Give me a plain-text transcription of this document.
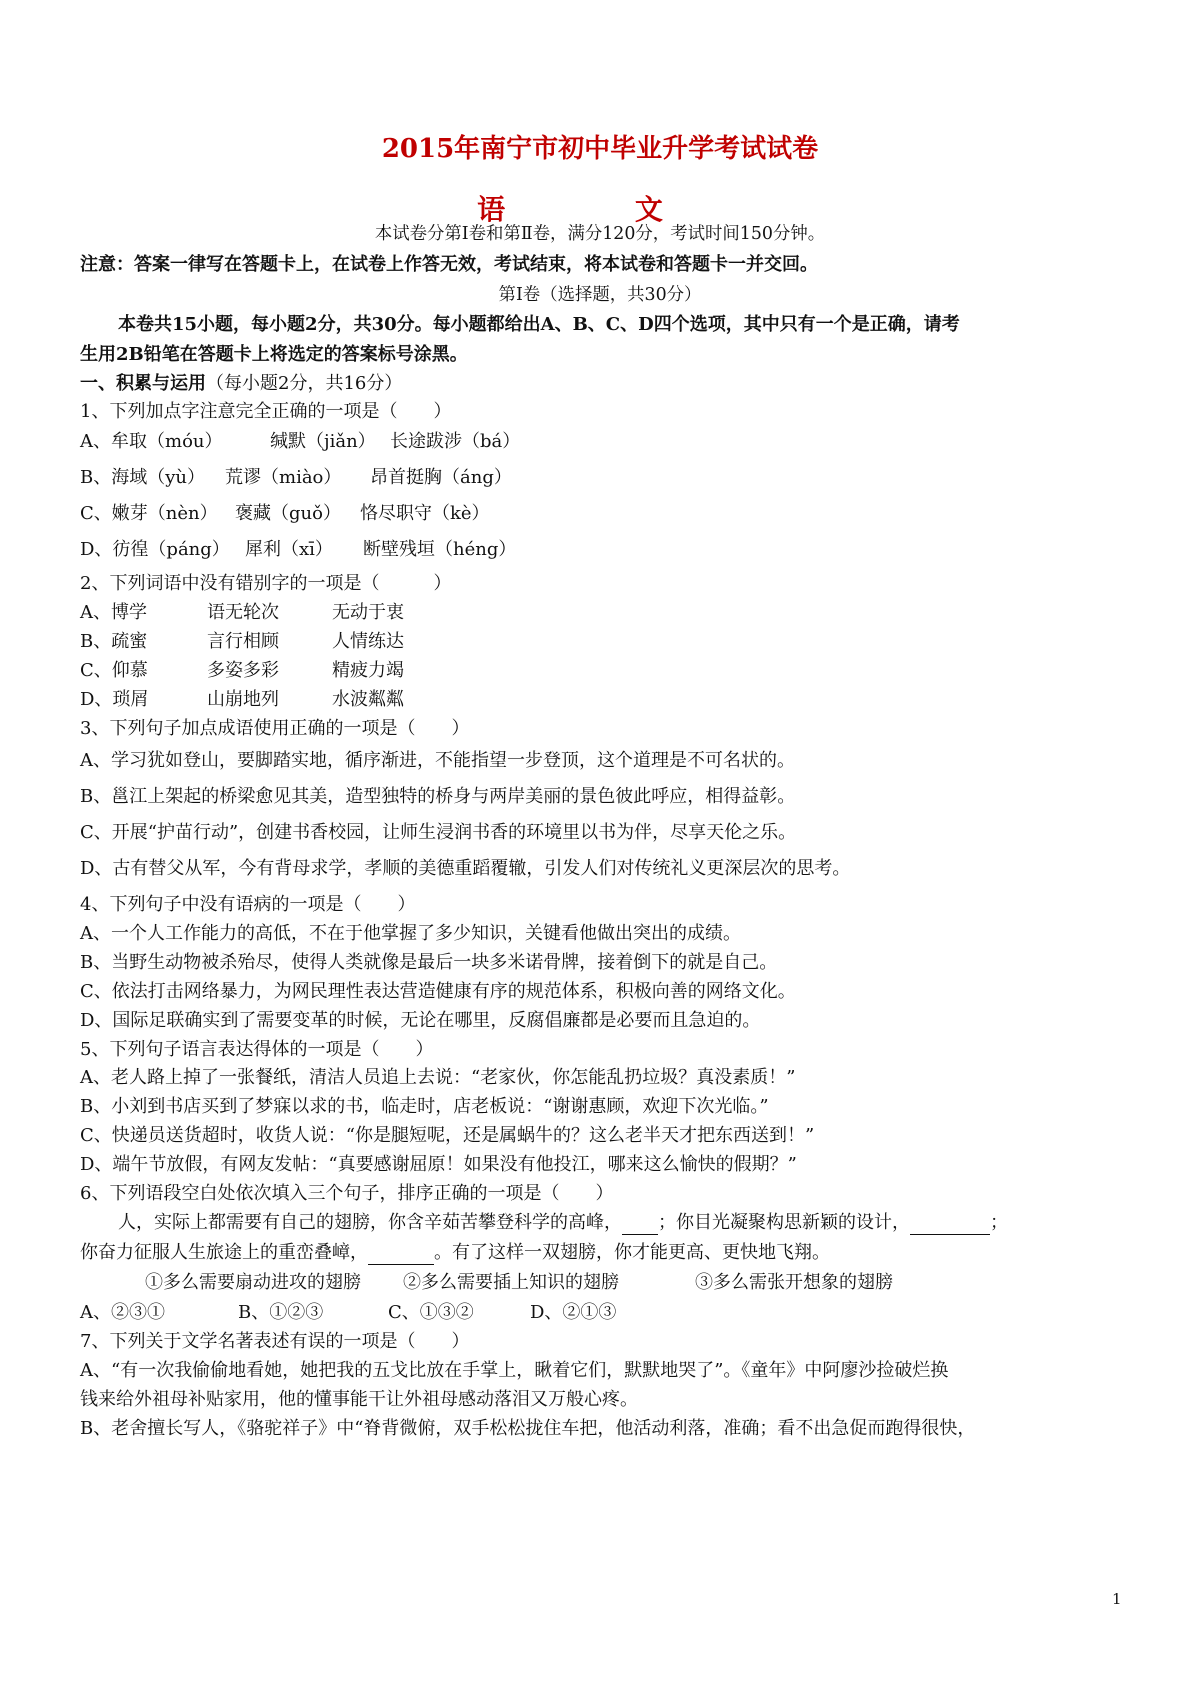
2015年南宁市初中毕业升学考试试卷
语 文
本试卷分第Ⅰ卷和第Ⅱ卷，满分120分，考试时间150分钟。
注意：答案一律写在答题卡上，在试卷上作答无效，考试结束，将本试卷和答题卡一并交回。
第Ⅰ卷（选择题，共30分）
本卷共15小题，每小题2分，共30分。每小题都给出A、B、C、D四个选项，其中只有一个是正确，请考
生用2B铅笔在答题卡上将选定的答案标号涂黑。
一、积累与运用（每小题2分，共16分）
1、下列加点字注意完全正确的一项是（　　）
A、牟取（móu）	缄默（jiǎn） 长途跋涉（bá）
B、海域（yù） 荒谬（miào） 昂首挺胸（áng）
C、嫩芽（nèn） 褒藏（guǒ） 恪尽职守（kè）
D、彷徨（páng） 犀利（xī） 断壁残垣（héng）
2、下列词语中没有错别字的一项是（　　　）
A、博学	语无轮次	无动于衷
B、疏蜜	言行相顾	人情练达
C、仰慕	多姿多彩	精疲力竭
D、琐屑	山崩地列	水波粼粼
3、下列句子加点成语使用正确的一项是（　　）
A、学习犹如登山，要脚踏实地，循序渐进，不能指望一步登顶，这个道理是不可名状的。
B、邕江上架起的桥梁愈见其美，造型独特的桥身与两岸美丽的景色彼此呼应，相得益彰。
C、开展“护苗行动”，创建书香校园，让师生浸润书香的环境里以书为伴，尽享天伦之乐。
D、古有替父从军，今有背母求学，孝顺的美德重蹈覆辙，引发人们对传统礼义更深层次的思考。
4、下列句子中没有语病的一项是（　　）
A、一个人工作能力的高低，不在于他掌握了多少知识，关键看他做出突出的成绩。
B、当野生动物被杀殆尽，使得人类就像是最后一块多米诺骨牌，接着倒下的就是自己。
C、依法打击网络暴力，为网民理性表达营造健康有序的规范体系，积极向善的网络文化。
D、国际足联确实到了需要变革的时候，无论在哪里，反腐倡廉都是必要而且急迫的。
5、下列句子语言表达得体的一项是（　　）
A、老人路上掉了一张餐纸，清洁人员追上去说：“老家伙，你怎能乱扔垃圾？真没素质！”
B、小刘到书店买到了梦寐以求的书，临走时，店老板说：“谢谢惠顾，欢迎下次光临。”
C、快递员送货超时，收货人说：“你是腿短呢，还是属蜗牛的？这么老半天才把东西送到！”
D、端午节放假，有网友发帖：“真要感谢屈原！如果没有他投江，哪来这么愉快的假期？”
6、下列语段空白处依次填入三个句子，排序正确的一项是（　　）
人，实际上都需要有自己的翅膀，你含辛茹苦攀登科学的高峰， ；你目光凝聚构思新颖的设计，	；
你奋力征服人生旅途上的重峦叠嶂，	。有了这样一双翅膀，你才能更高、更快地飞翔。
①多么需要扇动进攻的翅膀 ②多么需要插上知识的翅膀	③多么需张开想象的翅膀
A、②③①	B、①②③	C、①③②	D、②①③
7、下列关于文学名著表述有误的一项是（　　）
A、“有一次我偷偷地看她，她把我的五戈比放在手掌上，瞅着它们，默默地哭了”。《童年》中阿廖沙捡破烂换
钱来给外祖母补贴家用，他的懂事能干让外祖母感动落泪又万般心疼。
B、老舍擅长写人，《骆驼祥子》中“脊背微俯，双手松松拢住车把，他活动利落，准确；看不出急促而跑得很快，
1
